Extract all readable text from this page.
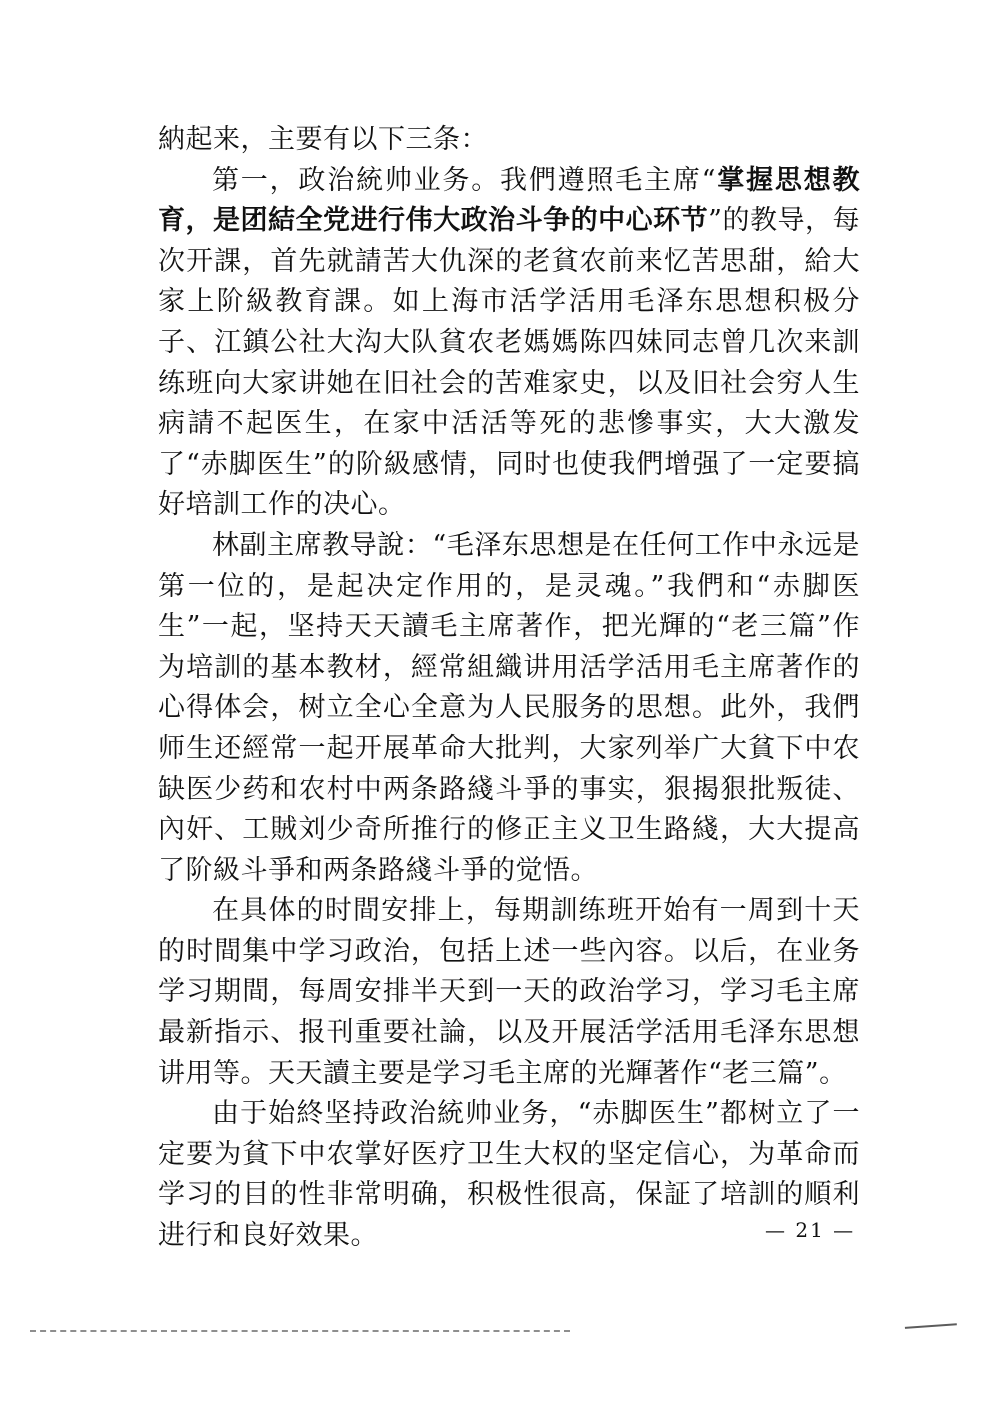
納起来，主要有以下三条：

第一，政治統帅业务。我們遵照毛主席“掌握思想教育，是团結全党进行伟大政治斗争的中心环节”的教导，每次开課，首先就請苦大仇深的老貧农前来忆苦思甜，給大家上阶級教育課。如上海市活学活用毛泽东思想积极分子、江鎮公社大沟大队貧农老媽媽陈四妹同志曾几次来訓练班向大家讲她在旧社会的苦难家史，以及旧社会穷人生病請不起医生，在家中活活等死的悲慘事实，大大激发了“赤脚医生”的阶級感情，同时也使我們增强了一定要搞好培訓工作的决心。

林副主席教导說：“毛泽东思想是在任何工作中永远是第一位的，是起决定作用的，是灵魂。”我們和“赤脚医生”一起，坚持天天讀毛主席著作，把光輝的“老三篇”作为培訓的基本教材，經常組織讲用活学活用毛主席著作的心得体会，树立全心全意为人民服务的思想。此外，我們师生还經常一起开展革命大批判，大家列举广大貧下中农缺医少药和农村中两条路綫斗爭的事实，狠揭狠批叛徒、內奸、工賊刘少奇所推行的修正主义卫生路綫，大大提高了阶級斗爭和两条路綫斗爭的觉悟。

在具体的时間安排上，每期訓练班开始有一周到十天的时間集中学习政治，包括上述一些內容。以后，在业务学习期間，每周安排半天到一天的政治学习，学习毛主席最新指示、报刊重要社論，以及开展活学活用毛泽东思想讲用等。天天讀主要是学习毛主席的光輝著作“老三篇”。

由于始終坚持政治統帅业务，“赤脚医生”都树立了一定要为貧下中农掌好医疗卫生大权的坚定信心，为革命而学习的目的性非常明确，积极性很高，保証了培訓的順利进行和良好效果。	— 21 —
